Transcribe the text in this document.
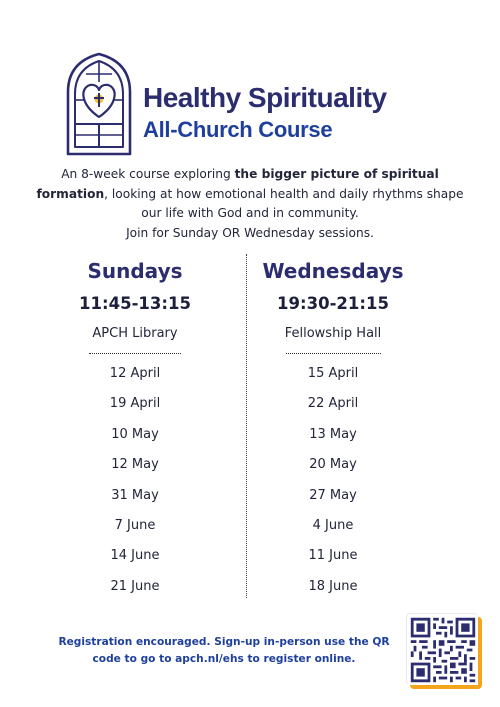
Healthy Spirituality
All-Church Course
An 8-week course exploring the bigger picture of spiritual formation, looking at how emotional health and daily rhythms shape our life with God and in community.
Join for Sunday OR Wednesday sessions.
Sundays
11:45-13:15
APCH Library
12 April
19 April
10 May
12 May
31 May
7 June
14 June
21 June
Wednesdays
19:30-21:15
Fellowship Hall
15 April
22 April
13 May
20 May
27 May
4 June
11 June
18 June
Registration encouraged. Sign-up in-person use the QR
code to go to apch.nl/ehs to register online.
